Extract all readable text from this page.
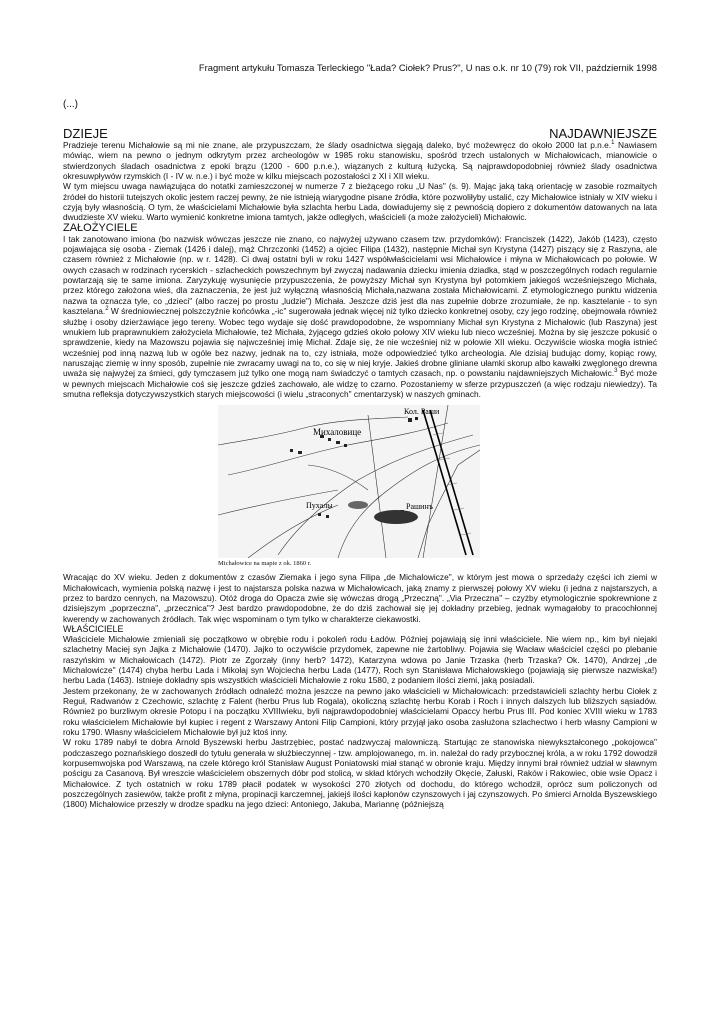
Fragment artykułu Tomasza Terleckiego "Łada? Ciołek? Prus?", U nas o.k. nr 10 (79) rok VII, październik 1998
(...)
DZIEJE	NAJDAWNIEJSZE

Pradzieje terenu Michałowie są mi nie znane, ale przypuszczam, że ślady osadnictwa sięgają daleko, być możewręcz do około 2000 lat p.n.e.$^1$ Nawiasem mówiąc, wiem na pewno o jednym odkrytym przez archeologów w 1985 roku stanowisku, spośród trzech ustalonych w Michałowicach, mianowicie o stwierdzonych śladach osadnictwa z epoki brązu (1200 - 600 p.n.e.), wiązanych z kulturą łużycką. Są najprawdopodobniej również ślady osadnictwa okresuwpływów rzymskich (I - IV w. n.e.) i być może w kilku miejscach pozostałości z XI i XII wieku.

W tym miejscu uwaga nawiązująca do notatki zamieszczonej w numerze 7 z bieżącego roku „U Nas" (s. 9). Mając jaką taką orientację w zasobie rozmaitych źródeł do historii tutejszych okolic jestem raczej pewny, że nie istnieją wiarygodne pisane źródła, które pozwoliłyby ustalić, czy Michałowice istniały w XIV wieku i czyją były własnością. O tym, że właścicielami Michałowie była szlachta herbu Lada, dowiadujemy się z pewnością dopiero z dokumentów datowanych na lata dwudzieste XV wieku. Warto wymienić konkretne imiona tamtych, jakże odległych, właścicieli (a może założycieli) Michałowic.

ZAŁOŻYCIELE

I tak zanotowano imiona (bo nazwisk wówczas jeszcze nie znano, co najwyżej używano czasem tzw. przydomków): Franciszek (1422), Jakób (1423), często pojawiająca się osoba - Ziemak (1426 i dalej), mąż Chrzczonki (1452) a ojciec Filipa (1432), następnie Michał syn Krystyna (1427) piszący się z Raszyna, ale czasem również z Michałowie (np. w r. 1428). Ci dwaj ostatni byli w roku 1427 współwłaścicielami wsi Michałowice i młyna w Michałowicach po połowie. W owych czasach w rodzinach rycerskich - szlacheckich powszechnym był zwyczaj nadawania dziecku imienia dziadka, stąd w poszczególnych rodach regularnie powtarzają się te same imiona. Zaryzykuję wysunięcie przypuszczenia, że powyższy Michał syn Krystyna był potomkiem jakiegoś wcześniejszego Michała, przez którego założona wieś, dla zaznaczenia, że jest już wyłączną własnością Michała,nazwana została Michałowicami. Z etymologicznego punktu widzenia nazwa ta oznacza tyle, co „dzieci" (albo raczej po prostu „ludzie") Michała. Jeszcze dziś jest dla nas zupełnie dobrze zrozumiałe, że np. kasztelanie - to syn kasztelana.$^2$ W średniowiecznej polszczyźnie końcówka „-ic" sugerowała jednak więcej niż tylko dziecko konkretnej osoby, czy jego rodzinę, obejmowała również służbę i osoby dzierżawiące jego tereny. Wobec tego wydaje się dość prawdopodobne, że wspomniany Michał syn Krystyna z Michałowic (lub Raszyna) jest wnukiem lub praprawnukiem założyciela Michałowie, też Michała, żyjącego gdzieś około połowy XIV wieku lub nieco wcześniej. Można by się jeszcze pokusić o sprawdzenie, kiedy na Mazowszu pojawia się najwcześniej imię Michał. Zdaje się, że nie wcześniej niż w połowie XII wieku. Oczywiście wioska mogła istnieć wcześniej pod inną nazwą lub w ogóle bez nazwy, jednak na to, czy istniała, może odpowiedzieć tylko archeologia. Ale dzisiaj budując domy, kopiąc rowy, naruszając ziemię w inny sposób, zupełnie nie zwracamy uwagi na to, co się w niej kryje. Jakieś drobne gliniane ułamki skorup albo kawałki zwęglonego drewna uważa się najwyżej za śmieci, gdy tymczasem już tylko one mogą nam świadczyć o tamtych czasach, np. o powstaniu najdawniejszych Michałowic.$^3$ Być może w pewnych miejscach Michałowie coś się jeszcze gdzieś zachowało, ale widzę to czarno. Pozostaniemy w sferze przypuszczeń (a więc rodzaju niewiedzy). Ta smutna refleksja dotyczywszystkich starych miejscowości (i wielu „straconych" cmentarzysk) w naszych gminach.

Кол. Раши
Михаловице
Пухалы	Рашинъ
Michałowice na mapie z ok. 1860 r.

Wracając do XV wieku. Jeden z dokumentów z czasów Ziemaka i jego syna Filipa „de Michalowicze", w którym jest mowa o sprzedaży części ich ziemi w Michałowicach, wymienia polską nazwę i jest to najstarsza polska nazwa w Michałowicach, jaką znamy z pierwszej połowy XV wieku (i jedna z najstarszych, a przez to bardzo cennych, na Mazowszu). Otóż droga do Opacza zwie się wówczas drogą „Przeczną". „Via Przeczna" – czyżby etymologicznie spokrewnione z dzisiejszym „poprzeczna", „przecznica"? Jest bardzo prawdopodobne, że do dziś zachował się jej dokładny przebieg, jednak wymagałoby to pracochłonnej kwerendy w zachowanych źródłach. Tak więc wspominam o tym tylko w charakterze ciekawostki.

WŁAŚCICIELE

Właściciele Michałowie zmieniali się początkowo w obrębie rodu i pokoleń rodu Ładów. Później pojawiają się inni właściciele. Nie wiem np., kim był niejaki szlachetny Maciej syn Jajka z Michałowie (1470). Jajko to oczywiście przydomek, zapewne nie żartobliwy. Pojawia się Wacław właściciel części po plebanie raszyńskim w Michałowicach (1472). Piotr ze Zgorzały (inny herb? 1472), Katarzyna wdowa po Janie Trzaska (herb Trzaska? Ok. 1470), Andrzej „de Michalowicze" (1474) chyba herbu Lada i Mikołaj syn Wojciecha herbu Lada (1477), Roch syn Stanisława Michałowskiego (pojawiają się pierwsze nazwiska!) herbu Lada (1463). Istnieje dokładny spis wszystkich właścicieli Michałowie z roku 1580, z podaniem ilości ziemi, jaką posiadali.

Jestem przekonany, że w zachowanych źródłach odnaleźć można jeszcze na pewno jako właścicieli w Michałowicach: przedstawicieli szlachty herbu Ciołek z Reguł, Radwanów z Czechowic, szlachtę z Falent (herbu Prus lub Rogala), okoliczną szlachtę herbu Korab i Roch i innych dalszych lub bliższych sąsiadów. Również po burzliwym okresie Potopu i na początku XVIIIwieku, byli najprawdopodobniej właścicielami Opaccy herbu Prus III. Pod koniec XVIII wieku w 1783 roku właścicielem Michałowie był kupiec i regent z Warszawy Antoni Filip Campioni, który przyjął jako osoba zasłużona szlachectwo i herb własny Campioni w roku 1790. Własny właścicielem Michałowie był już ktoś inny.

W roku 1789 nabył te dobra Arnold Byszewski herbu Jastrzębiec, postać nadzwyczaj malowniczą. Startując ze stanowiska niewykształconego „pokojowca" podczaszego poznańskiego doszedł do tytułu generała w służbieczynnej - tzw. amplojowanego, m. in. należał do rady przybocznej króla, a w roku 1792 dowodził korpusemwojska pod Warszawą, na czele którego król Stanisław August Poniatowski miał stanąć w obronie kraju. Między innymi brał również udział w sławnym pościgu za Casanovą. Był wreszcie właścicielem obszernych dóbr pod stolicą, w skład których wchodziły Okęcie, Załuski, Raków i Rakowiec, obie wsie Opacz i Michałowice. Z tych ostatnich w roku 1789 płacił podatek w wysokości 270 złotych od dochodu, do którego wchodził, oprócz sum policzonych od poszczególnych zasiewów, także profit z młyna, propinacji karczemnej, jakiejś ilości kapłonów czynszowych i jaj czynszowych. Po śmierci Arnolda Byszewskiego (1800) Michałowice przeszły w drodze spadku na jego dzieci: Antoniego, Jakuba, Mariannę (późniejszą
